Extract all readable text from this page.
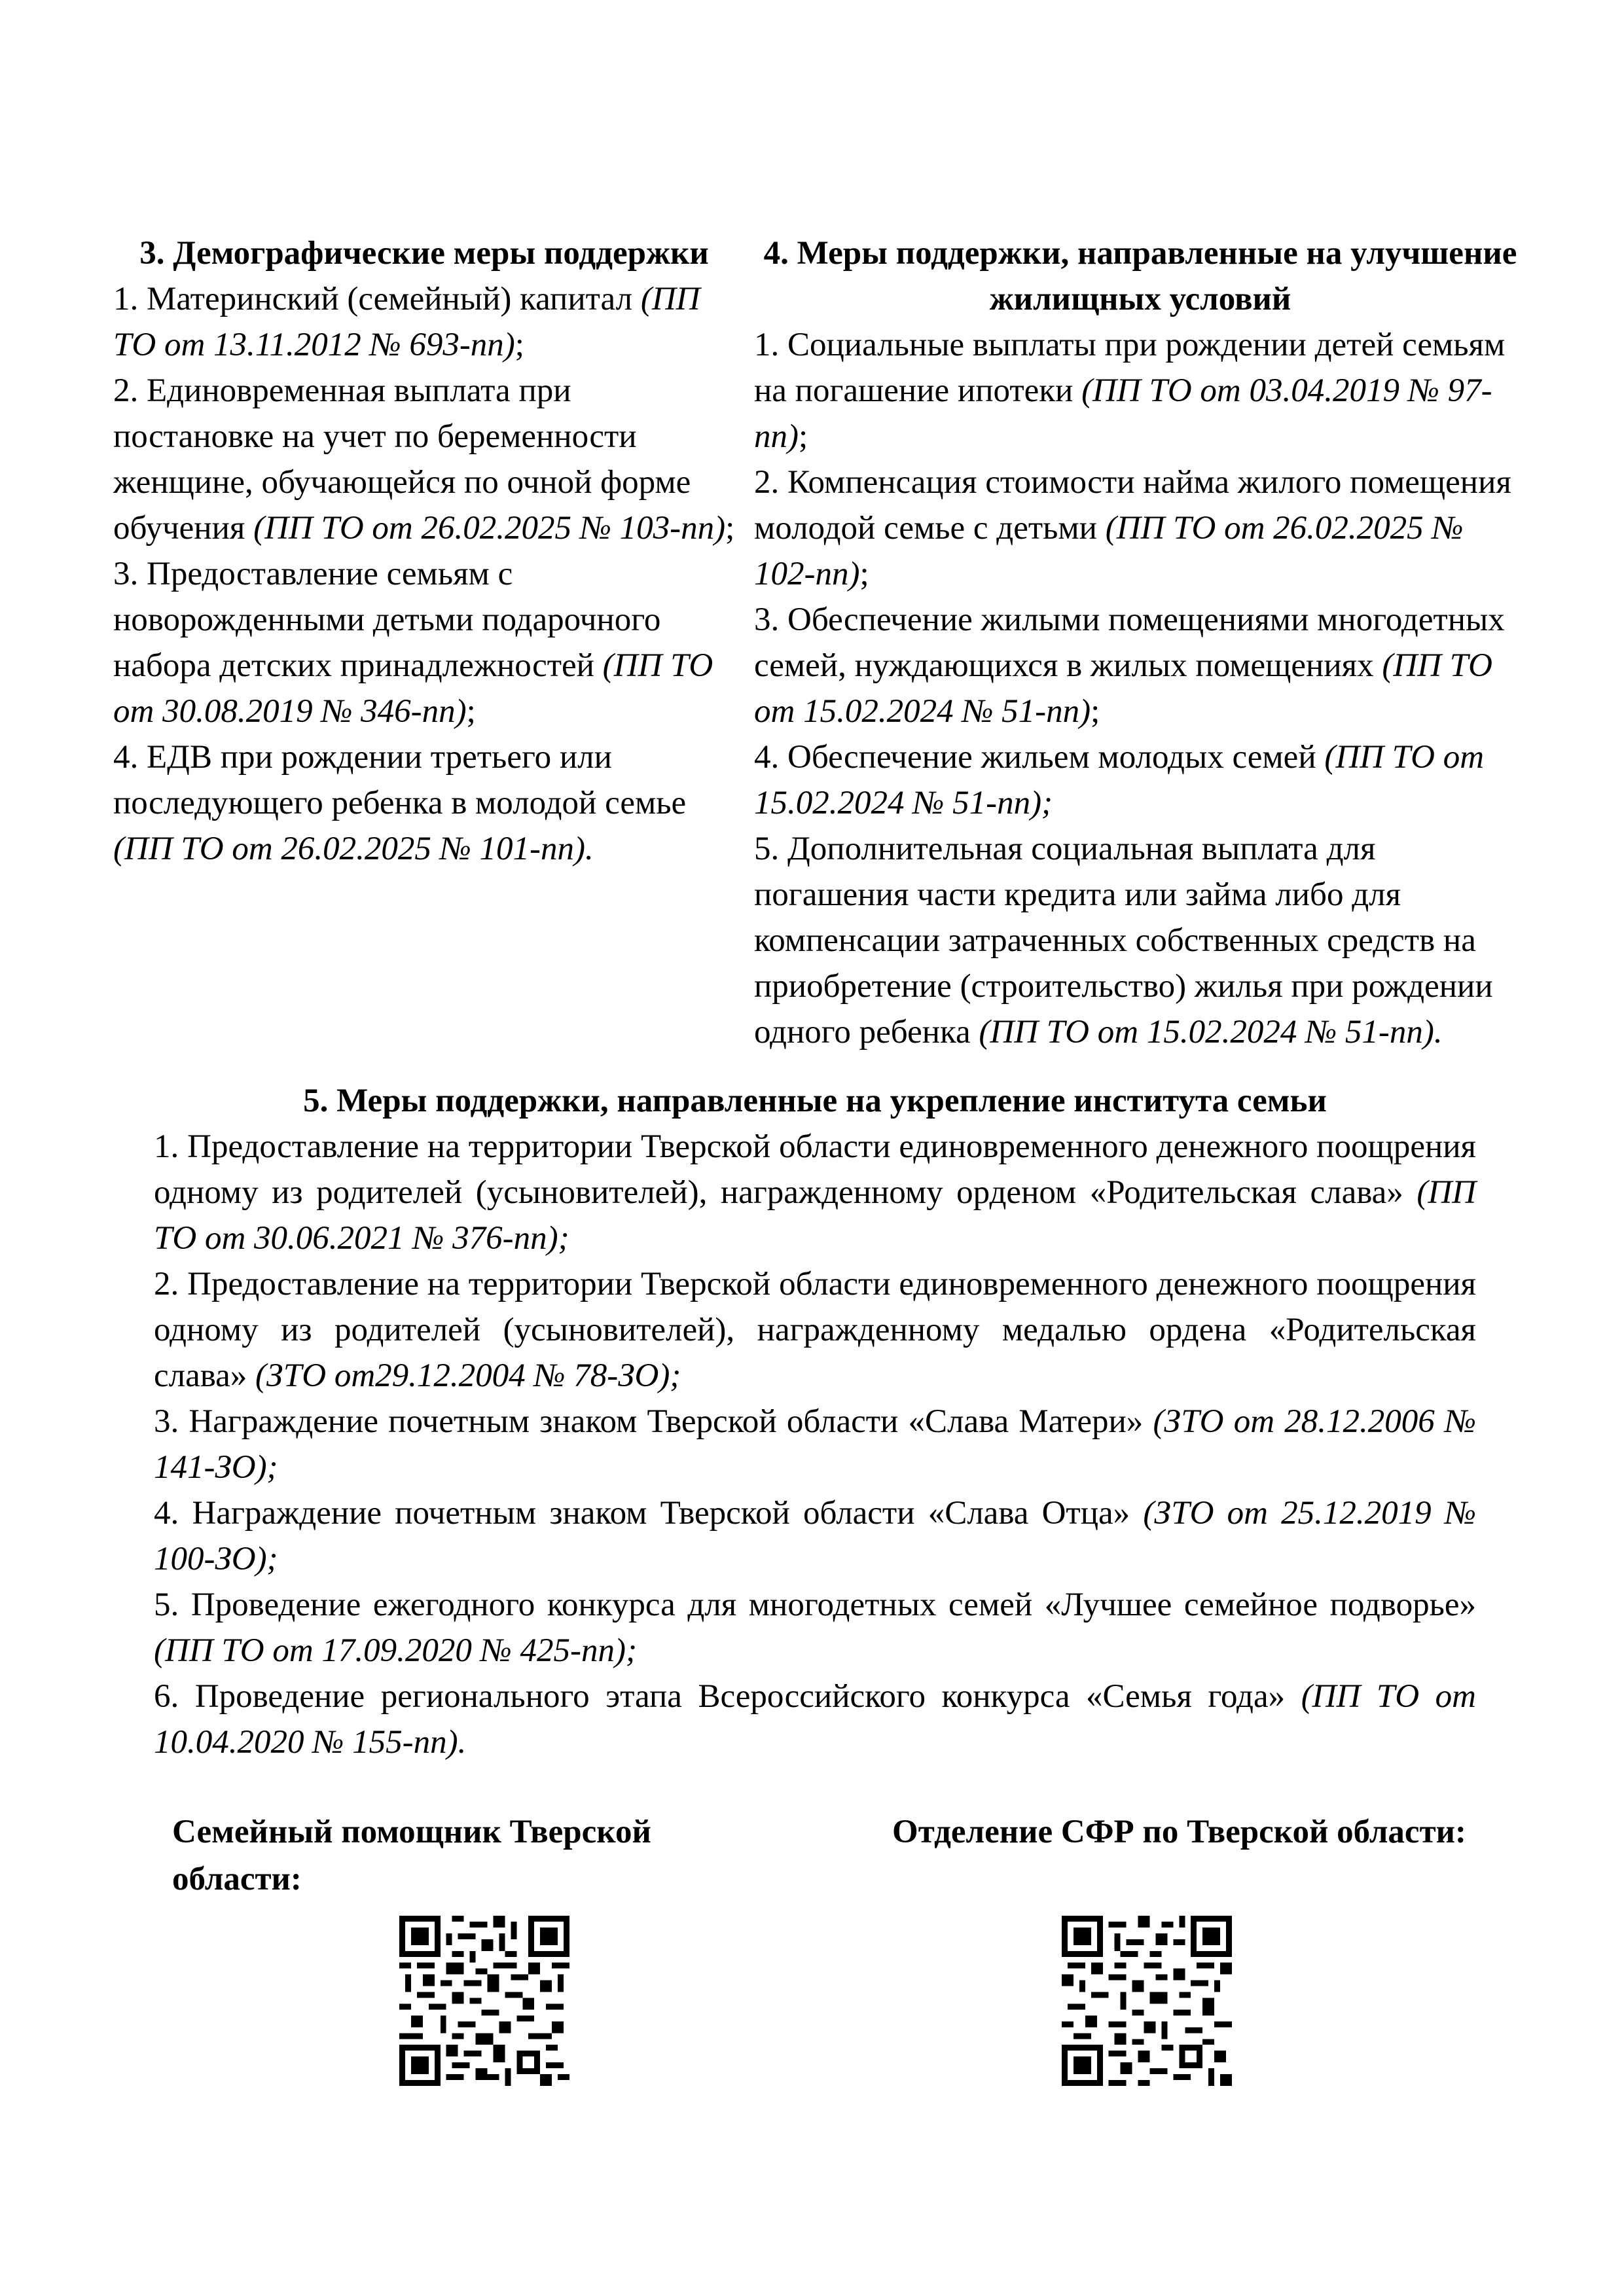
3. Демографические меры поддержки

1. Материнский (семейный) капитал (ПП ТО от 13.11.2012 № 693-пп);

2. Единовременная выплата при постановке на учет по беременности женщине, обучающейся по очной форме обучения (ПП ТО от 26.02.2025 № 103-пп);

3. Предоставление семьям с новорожденными детьми подарочного набора детских принадлежностей (ПП ТО от 30.08.2019 № 346-пп);

4. ЕДВ при рождении третьего или последующего ребенка в молодой семье (ПП ТО от 26.02.2025 № 101-пп).

4. Меры поддержки, направленные на улучшение жилищных условий

1. Социальные выплаты при рождении детей семьям на погашение ипотеки (ПП ТО от 03.04.2019 № 97-пп);

2. Компенсация стоимости найма жилого помещения молодой семье с детьми (ПП ТО от 26.02.2025 № 102-пп);

3. Обеспечение жилыми помещениями многодетных семей, нуждающихся в жилых помещениях (ПП ТО от 15.02.2024 № 51-пп);

4. Обеспечение жильем молодых семей (ПП ТО от 15.02.2024 № 51-пп);

5. Дополнительная социальная выплата для погашения части кредита или займа либо для компенсации затраченных собственных средств на приобретение (строительство) жилья при рождении одного ребенка (ПП ТО от 15.02.2024 № 51-пп).

5. Меры поддержки, направленные на укрепление института семьи

1. Предоставление на территории Тверской области единовременного денежного поощрения одному из родителей (усыновителей), награжденному орденом «Родительская слава» (ПП ТО от 30.06.2021 № 376-пп);

2. Предоставление на территории Тверской области единовременного денежного поощрения одному из родителей (усыновителей), награжденному медалью ордена «Родительская слава» (ЗТО от29.12.2004 № 78-ЗО);

3. Награждение почетным знаком Тверской области «Слава Матери» (ЗТО от 28.12.2006 № 141-ЗО);

4. Награждение почетным знаком Тверской области «Слава Отца» (ЗТО от 25.12.2019 № 100-ЗО);

5. Проведение ежегодного конкурса для многодетных семей «Лучшее семейное подворье» (ПП ТО от 17.09.2020 № 425-пп);

6. Проведение регионального этапа Всероссийского конкурса «Семья года» (ПП ТО от 10.04.2020 № 155-пп).

Семейный помощник Тверской области:
Отделение СФР по Тверской области:
